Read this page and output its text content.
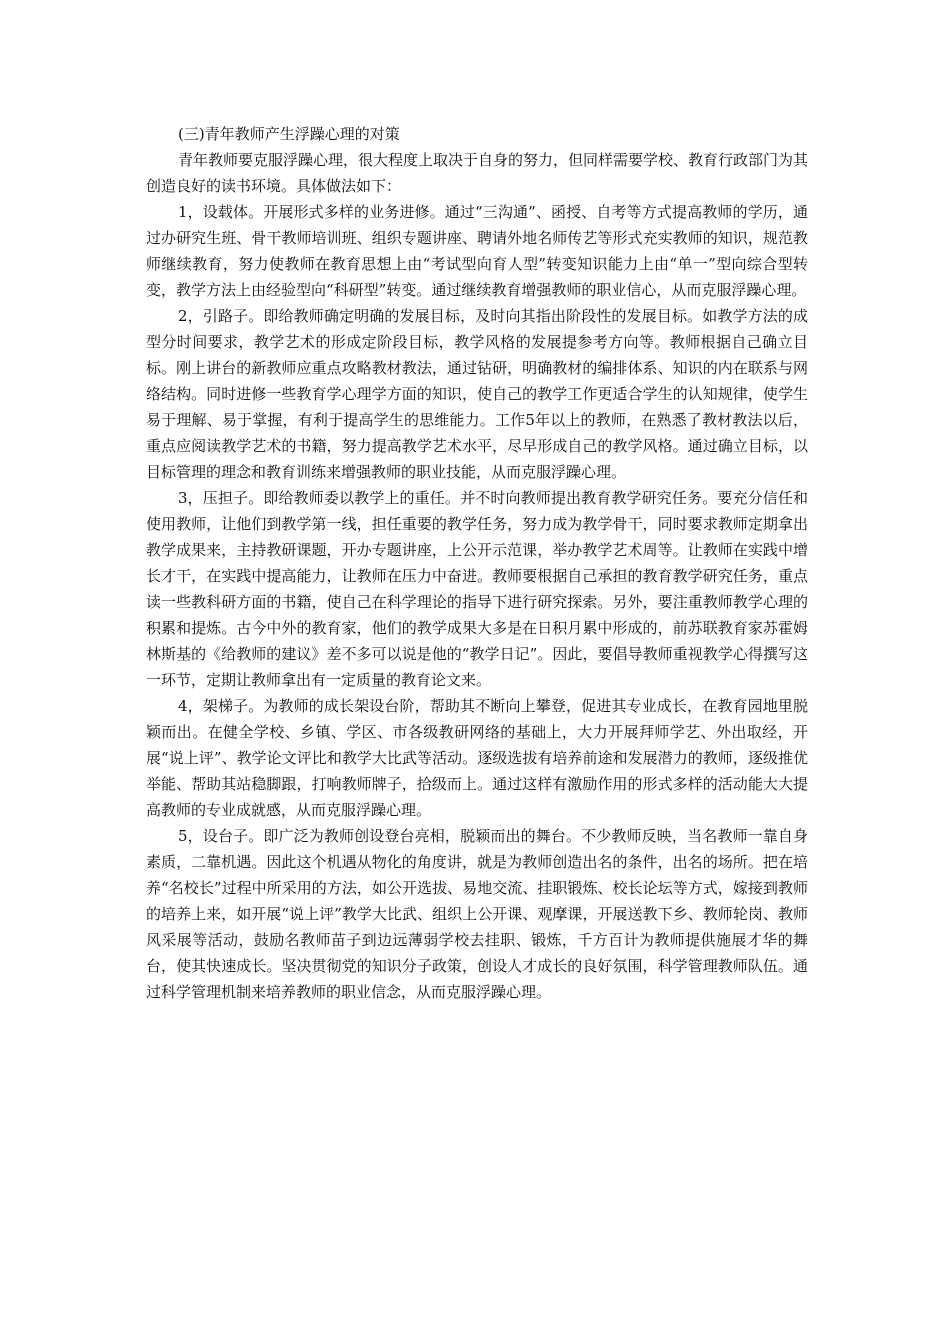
(三)青年教师产生浮躁心理的对策

青年教师要克服浮躁心理，很大程度上取决于自身的努力，但同样需要学校、教育行政部门为其创造良好的读书环境。具体做法如下：

1，设载体。开展形式多样的业务进修。通过“三沟通”、函授、自考等方式提高教师的学历，通过办研究生班、骨干教师培训班、组织专题讲座、聘请外地名师传艺等形式充实教师的知识，规范教师继续教育，努力使教师在教育思想上由“考试型向育人型”转变知识能力上由“单一”型向综合型转变，教学方法上由经验型向“科研型”转变。通过继续教育增强教师的职业信心，从而克服浮躁心理。

2，引路子。即给教师确定明确的发展目标，及时向其指出阶段性的发展目标。如教学方法的成型分时间要求，教学艺术的形成定阶段目标，教学风格的发展提参考方向等。教师根据自己确立目标。刚上讲台的新教师应重点攻略教材教法，通过钻研，明确教材的编排体系、知识的内在联系与网络结构。同时进修一些教育学心理学方面的知识，使自己的教学工作更适合学生的认知规律，使学生易于理解、易于掌握，有利于提高学生的思维能力。工作5年以上的教师，在熟悉了教材教法以后，重点应阅读教学艺术的书籍，努力提高教学艺术水平，尽早形成自己的教学风格。通过确立目标，以目标管理的理念和教育训练来增强教师的职业技能，从而克服浮躁心理。

3，压担子。即给教师委以教学上的重任。并不时向教师提出教育教学研究任务。要充分信任和使用教师，让他们到教学第一线，担任重要的教学任务，努力成为教学骨干，同时要求教师定期拿出教学成果来，主持教研课题，开办专题讲座，上公开示范课，举办教学艺术周等。让教师在实践中增长才干，在实践中提高能力，让教师在压力中奋进。教师要根据自己承担的教育教学研究任务，重点读一些教科研方面的书籍，使自己在科学理论的指导下进行研究探索。另外，要注重教师教学心理的积累和提炼。古今中外的教育家，他们的教学成果大多是在日积月累中形成的，前苏联教育家苏霍姆林斯基的《给教师的建议》差不多可以说是他的“教学日记”。因此，要倡导教师重视教学心得撰写这一环节，定期让教师拿出有一定质量的教育论文来。

4，架梯子。为教师的成长架设台阶，帮助其不断向上攀登，促进其专业成长，在教育园地里脱颖而出。在健全学校、乡镇、学区、市各级教研网络的基础上，大力开展拜师学艺、外出取经，开展“说上评”、教学论文评比和教学大比武等活动。逐级选拔有培养前途和发展潜力的教师，逐级推优举能、帮助其站稳脚跟，打响教师牌子，拾级而上。通过这样有激励作用的形式多样的活动能大大提高教师的专业成就感，从而克服浮躁心理。

5，设台子。即广泛为教师创设登台亮相，脱颖而出的舞台。不少教师反映，当名教师一靠自身素质，二靠机遇。因此这个机遇从物化的角度讲，就是为教师创造出名的条件，出名的场所。把在培养“名校长”过程中所采用的方法，如公开选拔、易地交流、挂职锻炼、校长论坛等方式，嫁接到教师的培养上来，如开展“说上评”教学大比武、组织上公开课、观摩课，开展送教下乡、教师轮岗、教师风采展等活动，鼓励名教师苗子到边远薄弱学校去挂职、锻炼，千方百计为教师提供施展才华的舞台，使其快速成长。坚决贯彻党的知识分子政策，创设人才成长的良好氛围，科学管理教师队伍。通过科学管理机制来培养教师的职业信念，从而克服浮躁心理。
